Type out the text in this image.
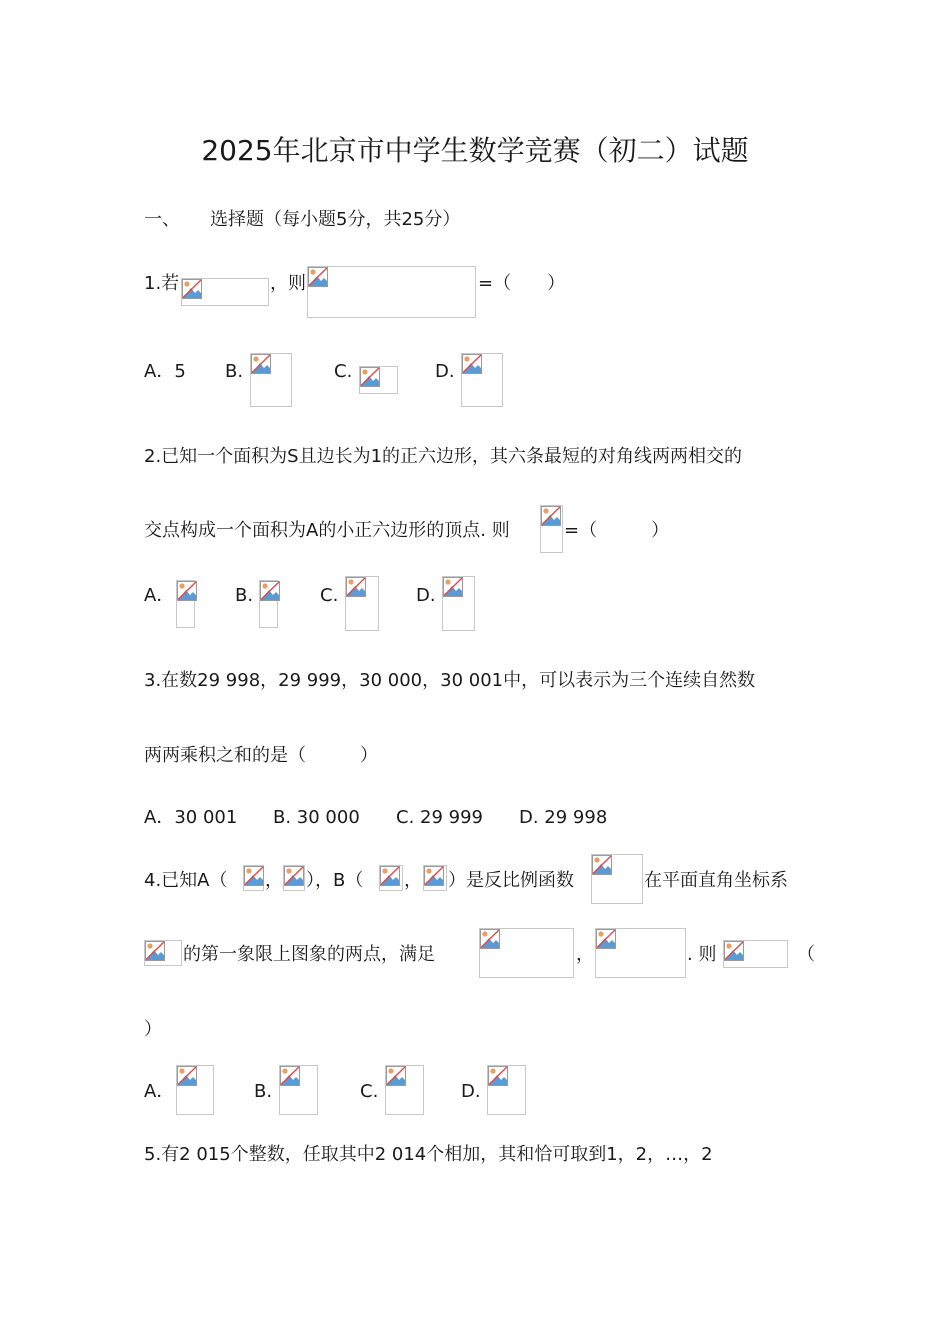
2025年北京市中学生数学竞赛（初二）试题
一、 选择题（每小题5分，共25分）
1.若	，则	=（　　）
A．5 B.	C.	D.
2.已知一个面积为S且边长为1的正六边形，其六条最短的对角线两两相交的
交点构成一个面积为A的小正六边形的顶点. 则	=（　　　）
A．	B.	C.	D.
3.在数29 998，29 999，30 000，30 001中，可以表示为三个连续自然数
两两乘积之和的是（　　　）
A．30 001 B. 30 000 C. 29 999 D. 29 998
4.已知A（ ， ），B（ ， ）是反比例函数	在平面直角坐标系
的第一象限上图象的两点，满足	，	. 则	（
）
A．	B.	C.	D.
5.有2 015个整数，任取其中2 014个相加，其和恰可取到1，2，…，2
